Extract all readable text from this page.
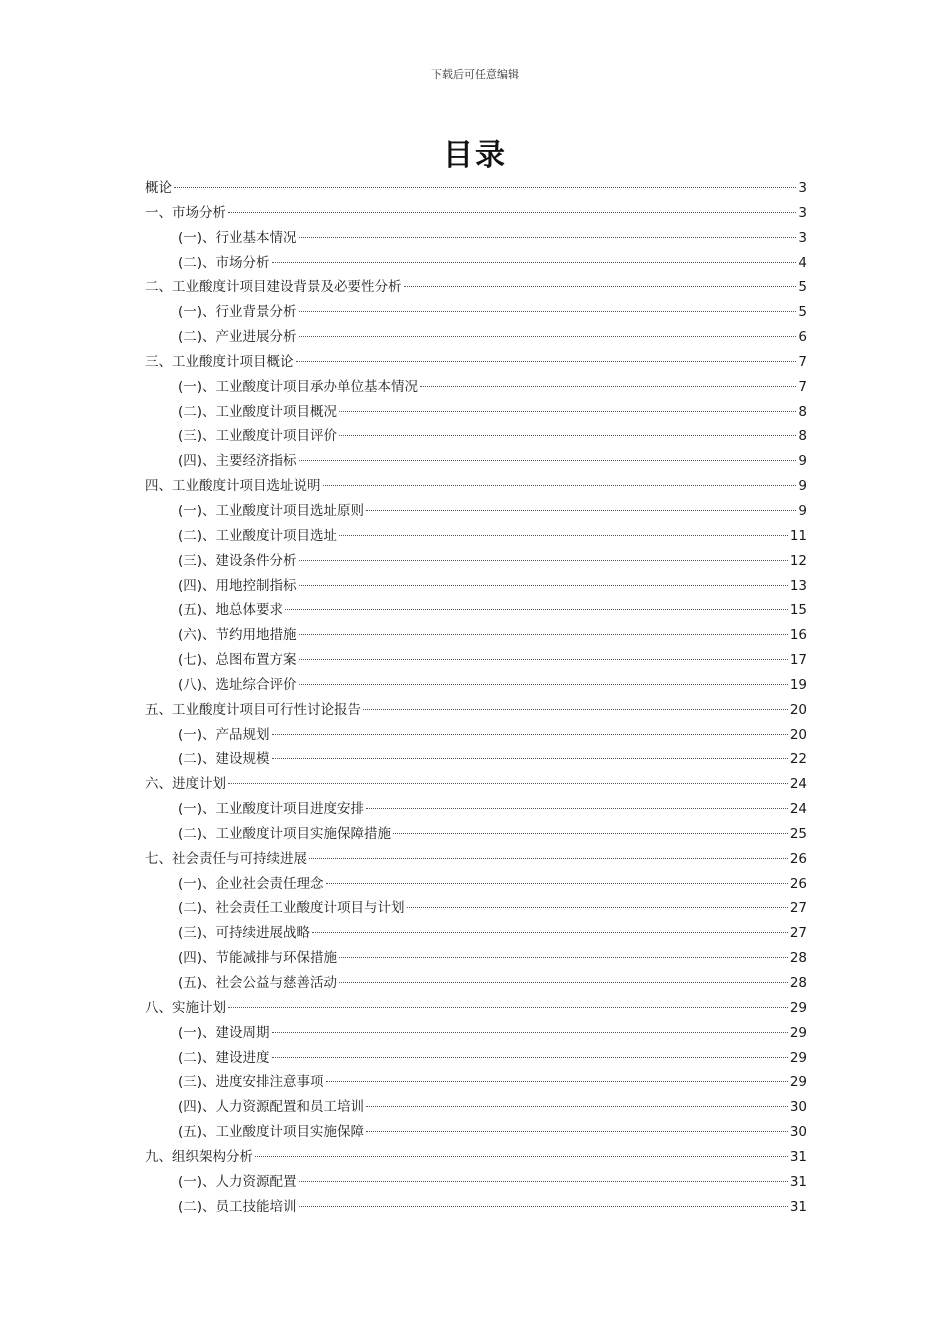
下载后可任意编辑
目录
概论	3
一、市场分析	3
(一)、行业基本情况	3
(二)、市场分析	4
二、工业酸度计项目建设背景及必要性分析	5
(一)、行业背景分析	5
(二)、产业进展分析	6
三、工业酸度计项目概论	7
(一)、工业酸度计项目承办单位基本情况	7
(二)、工业酸度计项目概况	8
(三)、工业酸度计项目评价	8
(四)、主要经济指标	9
四、工业酸度计项目选址说明	9
(一)、工业酸度计项目选址原则	9
(二)、工业酸度计项目选址	11
(三)、建设条件分析	12
(四)、用地控制指标	13
(五)、地总体要求	15
(六)、节约用地措施	16
(七)、总图布置方案	17
(八)、选址综合评价	19
五、工业酸度计项目可行性讨论报告	20
(一)、产品规划	20
(二)、建设规模	22
六、进度计划	24
(一)、工业酸度计项目进度安排	24
(二)、工业酸度计项目实施保障措施	25
七、社会责任与可持续进展	26
(一)、企业社会责任理念	26
(二)、社会责任工业酸度计项目与计划	27
(三)、可持续进展战略	27
(四)、节能减排与环保措施	28
(五)、社会公益与慈善活动	28
八、实施计划	29
(一)、建设周期	29
(二)、建设进度	29
(三)、进度安排注意事项	29
(四)、人力资源配置和员工培训	30
(五)、工业酸度计项目实施保障	30
九、组织架构分析	31
(一)、人力资源配置	31
(二)、员工技能培训	31
